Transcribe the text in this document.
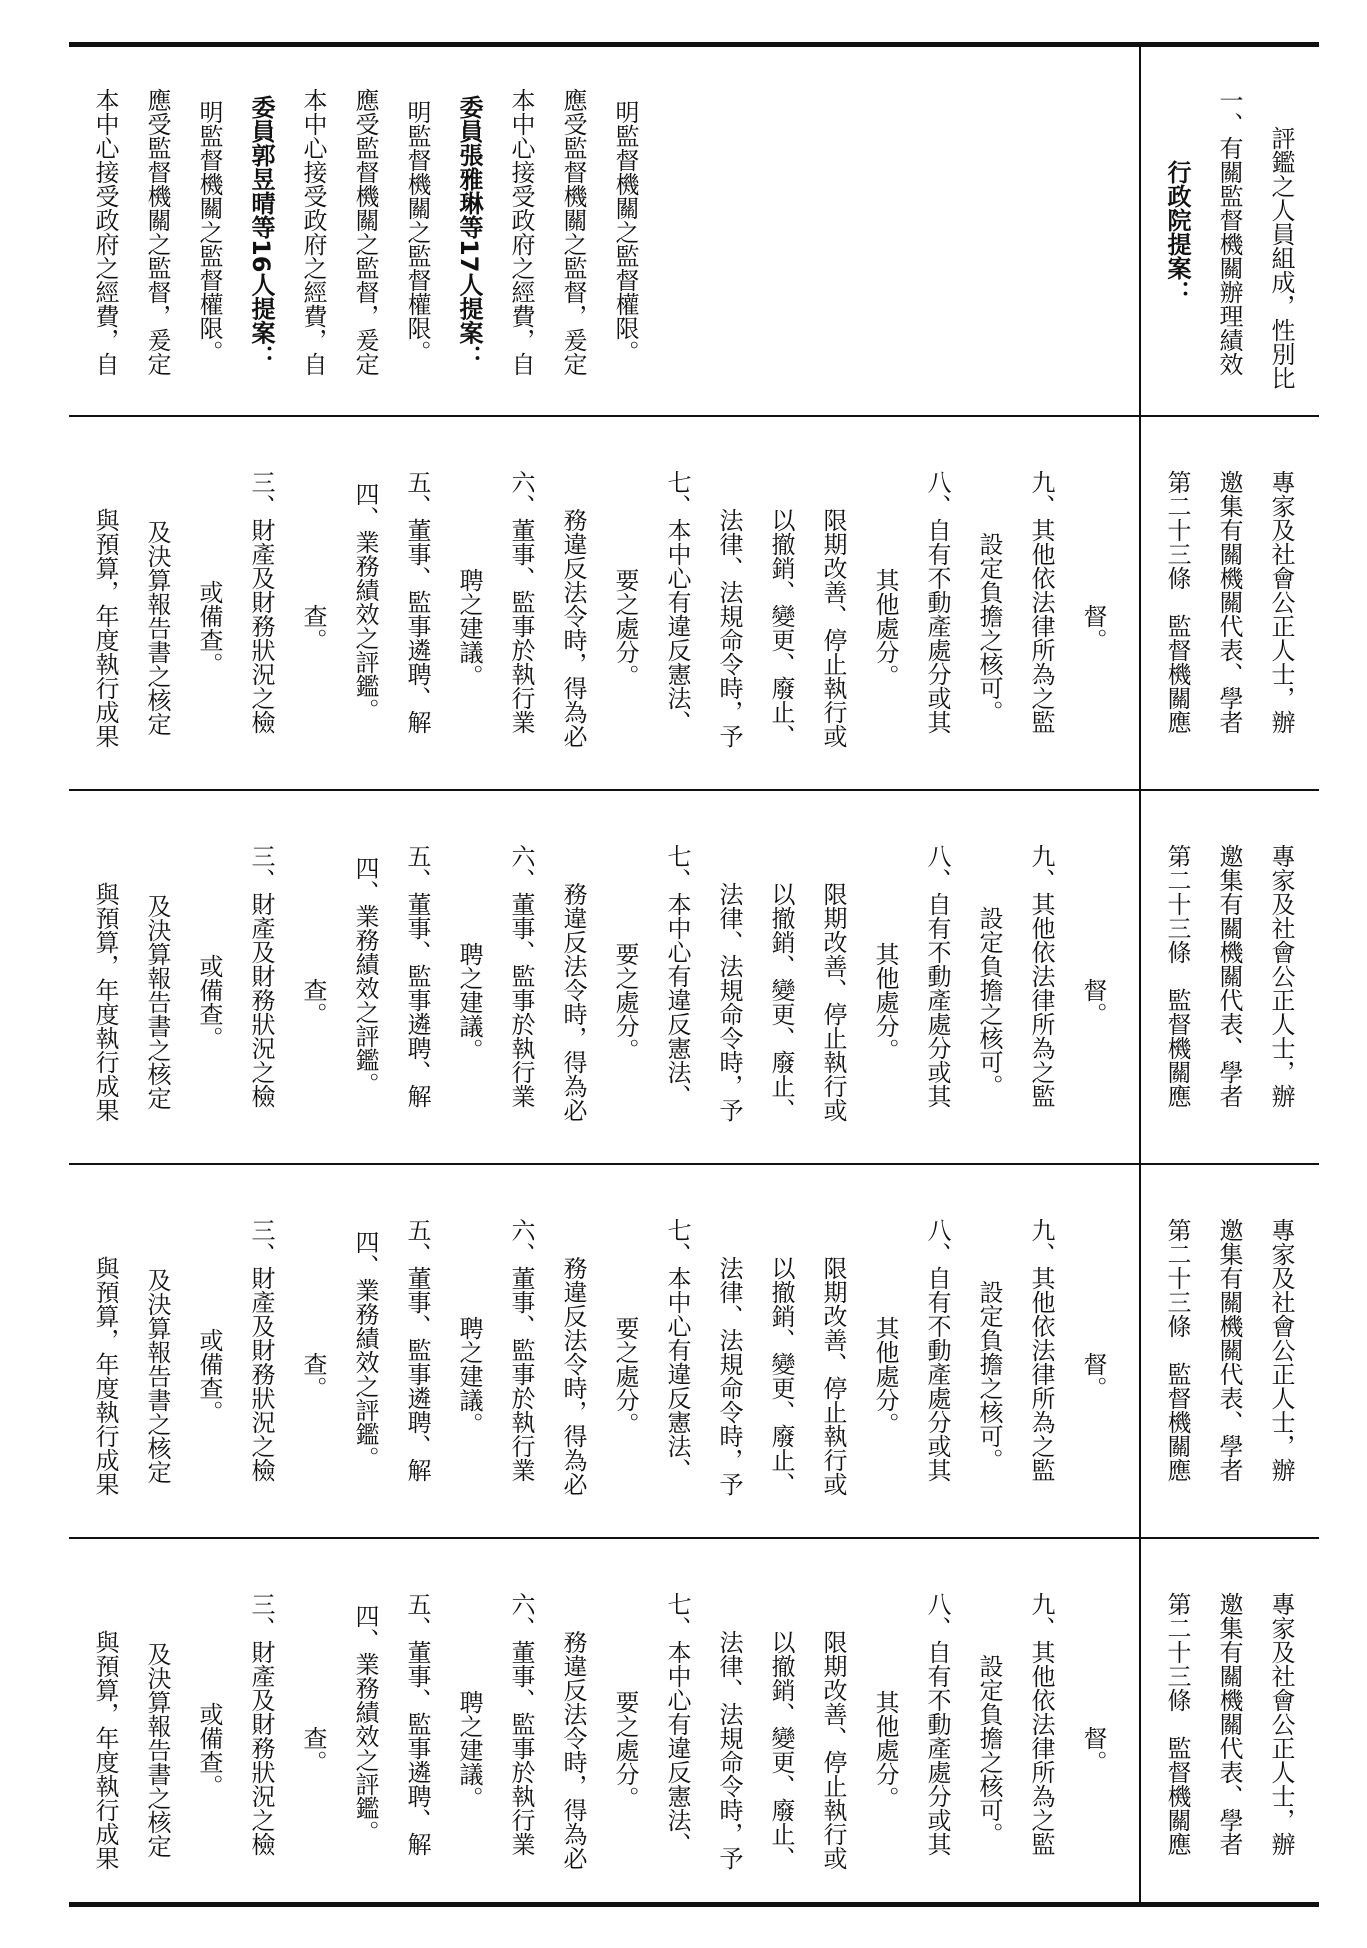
本中心接受政府之經費，自	應受監督機關之監督，爰定	明監督機關之監督權限。	委員郭昱晴等16人提案：	本中心接受政府之經費，自	應受監督機關之監督，爰定	明監督機關之監督權限。	委員張雅琳等17人提案：	本中心接受政府之經費，自	應受監督機關之監督，爰定	明監督機關之監督權限。	行政院提案：	一、有關監督機關辦理績效	評鑑之人員組成，性別比
與預算，年度執行成果	及決算報告書之核定	或備查。	三、財產及財務狀況之檢	查。	四、業務績效之評鑑。	五、董事、監事遴聘、解	聘之建議。	六、董事、監事於執行業	務違反法令時，得為必	要之處分。	七、本中心有違反憲法、	法律、法規命令時，予	以撤銷、變更、廢止、	限期改善、停止執行或	其他處分。	八、自有不動產處分或其	設定負擔之核可。	九、其他依法律所為之監	督。	第二十三條　監督機關應	邀集有關機關代表、學者	專家及社會公正人士，辦
與預算，年度執行成果	及決算報告書之核定	或備查。	三、財產及財務狀況之檢	查。	四、業務績效之評鑑。	五、董事、監事遴聘、解	聘之建議。	六、董事、監事於執行業	務違反法令時，得為必	要之處分。	七、本中心有違反憲法、	法律、法規命令時，予	以撤銷、變更、廢止、	限期改善、停止執行或	其他處分。	八、自有不動產處分或其	設定負擔之核可。	九、其他依法律所為之監	督。	第二十三條　監督機關應	邀集有關機關代表、學者	專家及社會公正人士，辦
與預算，年度執行成果	及決算報告書之核定	或備查。	三、財產及財務狀況之檢	查。	四、業務績效之評鑑。	五、董事、監事遴聘、解	聘之建議。	六、董事、監事於執行業	務違反法令時，得為必	要之處分。	七、本中心有違反憲法、	法律、法規命令時，予	以撤銷、變更、廢止、	限期改善、停止執行或	其他處分。	八、自有不動產處分或其	設定負擔之核可。	九、其他依法律所為之監	督。	第二十三條　監督機關應	邀集有關機關代表、學者	專家及社會公正人士，辦
與預算，年度執行成果	及決算報告書之核定	或備查。	三、財產及財務狀況之檢	查。	四、業務績效之評鑑。	五、董事、監事遴聘、解	聘之建議。	六、董事、監事於執行業	務違反法令時，得為必	要之處分。	七、本中心有違反憲法、	法律、法規命令時，予	以撤銷、變更、廢止、	限期改善、停止執行或	其他處分。	八、自有不動產處分或其	設定負擔之核可。	九、其他依法律所為之監	督。	第二十三條　監督機關應	邀集有關機關代表、學者	專家及社會公正人士，辦
